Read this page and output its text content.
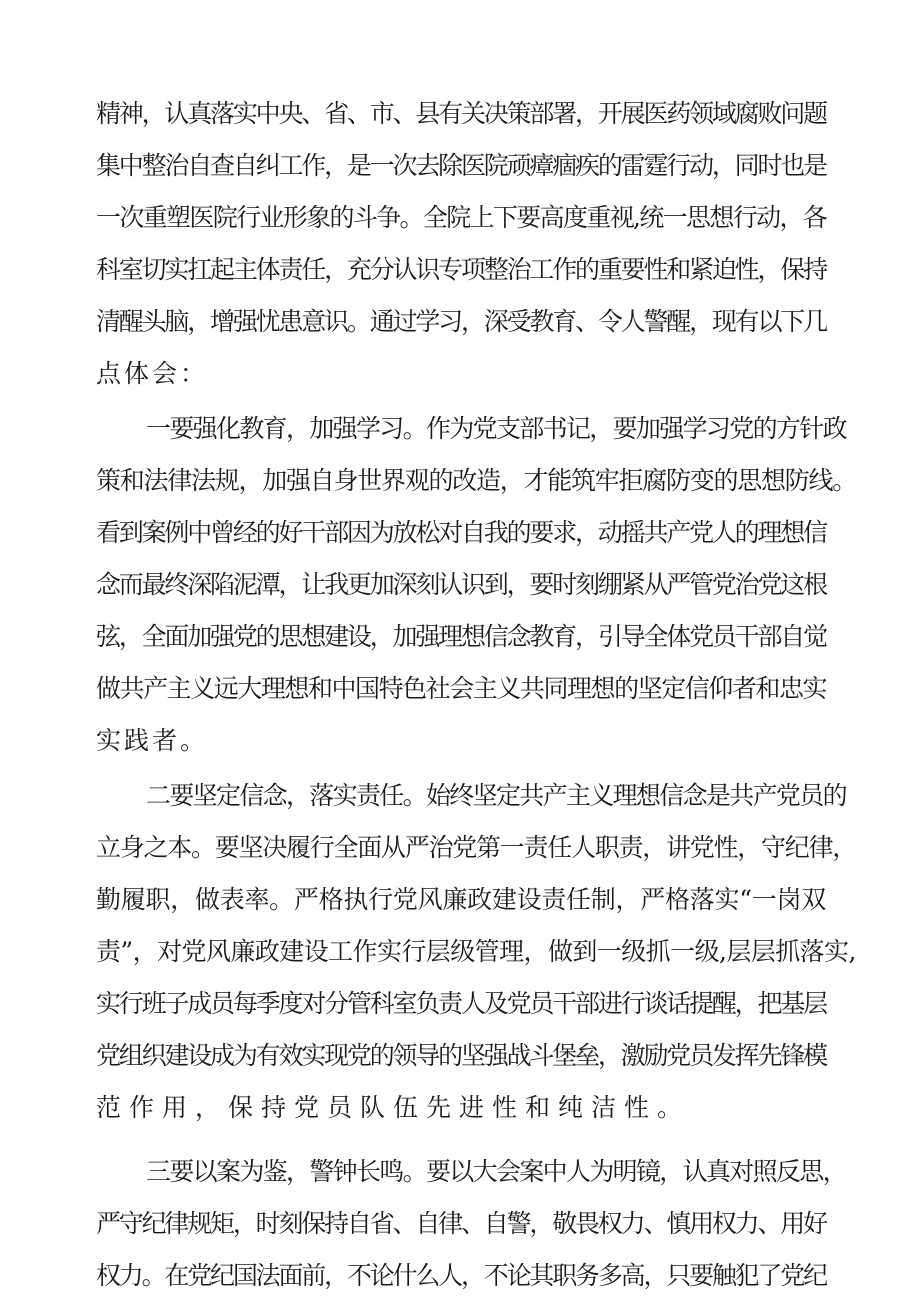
精神，认真落实中央、省、市、县有关决策部署，开展医药领域腐败问题

集中整治自查自纠工作，是一次去除医院顽瘴痼疾的雷霆行动，同时也是

一次重塑医院行业形象的斗争。全院上下要高度重视,统一思想行动，各

科室切实扛起主体责任，充分认识专项整治工作的重要性和紧迫性，保持

清醒头脑，增强忧患意识。通过学习，深受教育、令人警醒，现有以下几

点体会：

一要强化教育，加强学习。作为党支部书记，要加强学习党的方针政

策和法律法规，加强自身世界观的改造，才能筑牢拒腐防变的思想防线。

看到案例中曾经的好干部因为放松对自我的要求，动摇共产党人的理想信

念而最终深陷泥潭，让我更加深刻认识到，要时刻绷紧从严管党治党这根

弦，全面加强党的思想建设，加强理想信念教育，引导全体党员干部自觉

做共产主义远大理想和中国特色社会主义共同理想的坚定信仰者和忠实

实践者。

二要坚定信念，落实责任。始终坚定共产主义理想信念是共产党员的

立身之本。要坚决履行全面从严治党第一责任人职责，讲党性，守纪律，

勤履职，做表率。严格执行党风廉政建设责任制，严格落实“一岗双

责”，对党风廉政建设工作实行层级管理，做到一级抓一级,层层抓落实,

实行班子成员每季度对分管科室负责人及党员干部进行谈话提醒，把基层

党组织建设成为有效实现党的领导的坚强战斗堡垒，激励党员发挥先锋模

范作用，保持党员队伍先进性和纯洁性。

三要以案为鉴，警钟长鸣。要以大会案中人为明镜，认真对照反思，

严守纪律规矩，时刻保持自省、自律、自警，敬畏权力、慎用权力、用好

权力。在党纪国法面前，不论什么人，不论其职务多高，只要触犯了党纪
